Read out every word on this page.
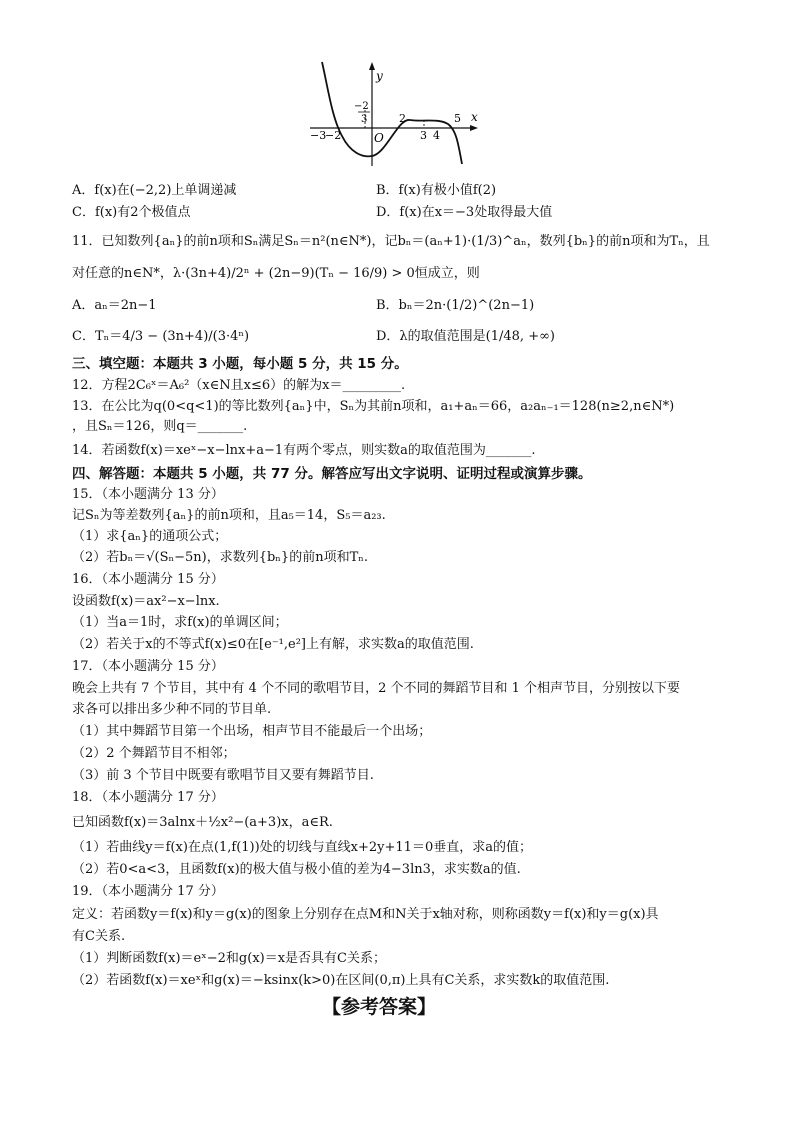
y
x
O
−3
−2
−2
3	2
3 4
5
A．f(x)在(−2,2)上单调递减	B．f(x)有极小值f(2)
C．f(x)有2个极值点	D．f(x)在x＝−3处取得最大值
11．已知数列{aₙ}的前n项和Sₙ满足Sₙ＝n²(n∈N*)，记bₙ＝(aₙ+1)·(1/3)^aₙ，数列{bₙ}的前n项和为Tₙ，且
对任意的n∈N*，λ·(3n+4)/2ⁿ + (2n−9)(Tₙ − 16/9) > 0恒成立，则
A．aₙ＝2n−1	B．bₙ＝2n·(1/2)^(2n−1)
C．Tₙ＝4/3 − (3n+4)/(3·4ⁿ)	D．λ的取值范围是(1/48, +∞)
三、填空题：本题共 3 小题，每小题 5 分，共 15 分。
12．方程2C₆ˣ＝A₆²（x∈N且x≤6）的解为x＝_________.
13．在公比为q(0<q<1)的等比数列{aₙ}中，Sₙ为其前n项和，a₁+aₙ＝66，a₂aₙ₋₁＝128(n≥2,n∈N*)
，且Sₙ＝126，则q＝_______.
14．若函数f(x)＝xeˣ−x−lnx+a−1有两个零点，则实数a的取值范围为_______.
四、解答题：本题共 5 小题，共 77 分。解答应写出文字说明、证明过程或演算步骤。
15．（本小题满分 13 分）
记Sₙ为等差数列{aₙ}的前n项和，且a₅＝14，S₅＝a₂₃.
（1）求{aₙ}的通项公式；
（2）若bₙ＝√(Sₙ−5n)，求数列{bₙ}的前n项和Tₙ.
16．（本小题满分 15 分）
设函数f(x)＝ax²−x−lnx.
（1）当a＝1时，求f(x)的单调区间；
（2）若关于x的不等式f(x)≤0在[e⁻¹,e²]上有解，求实数a的取值范围.
17．（本小题满分 15 分）
晚会上共有 7 个节目，其中有 4 个不同的歌唱节目，2 个不同的舞蹈节目和 1 个相声节目，分别按以下要
求各可以排出多少种不同的节目单.
（1）其中舞蹈节目第一个出场，相声节目不能最后一个出场；
（2）2 个舞蹈节目不相邻；
（3）前 3 个节目中既要有歌唱节目又要有舞蹈节目.
18．（本小题满分 17 分）
已知函数f(x)＝3alnx＋½x²−(a+3)x，a∈R.
（1）若曲线y＝f(x)在点(1,f(1))处的切线与直线x+2y+11＝0垂直，求a的值；
（2）若0<a<3，且函数f(x)的极大值与极小值的差为4−3ln3，求实数a的值.
19．（本小题满分 17 分）
定义：若函数y＝f(x)和y＝g(x)的图象上分别存在点M和N关于x轴对称，则称函数y＝f(x)和y＝g(x)具
有C关系.
（1）判断函数f(x)＝eˣ−2和g(x)＝x是否具有C关系；
（2）若函数f(x)＝xeˣ和g(x)＝−ksinx(k>0)在区间(0,π)上具有C关系，求实数k的取值范围.
【参考答案】
